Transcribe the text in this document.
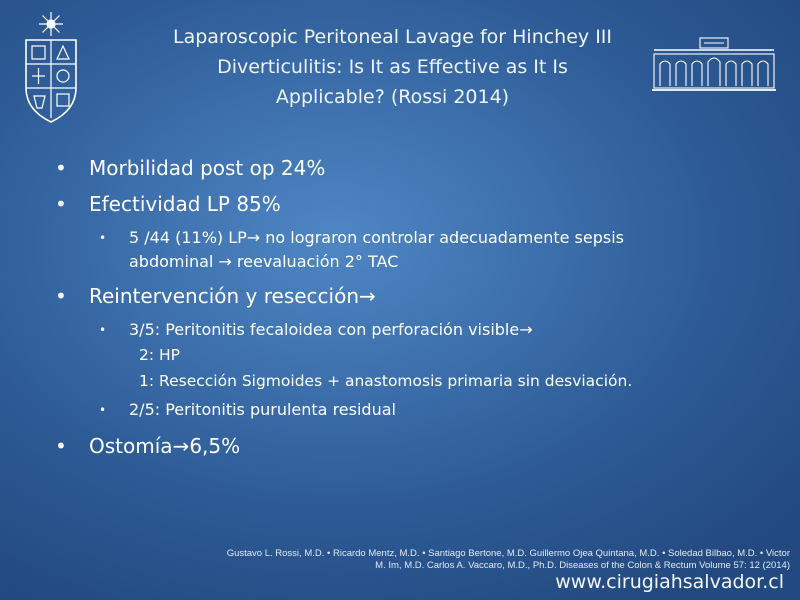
Laparoscopic Peritoneal Lavage for Hinchey III
Diverticulitis: Is It as Effective as It Is
Applicable? (Rossi 2014)
•	Morbilidad post op 24%
•	Efectividad LP 85%
• 5 /44 (11%) LP→ no lograron controlar adecuadamente sepsis
abdominal → reevaluación 2° TAC
•	Reintervención y resección→
• 3/5: Peritonitis fecaloidea con perforación visible→
2: HP
1: Resección Sigmoides + anastomosis primaria sin desviación.
• 2/5: Peritonitis purulenta residual
•	Ostomía→6,5%
Gustavo L. Rossi, M.D. • Ricardo Mentz, M.D. • Santiago Bertone, M.D. Guillermo Ojea Quintana, M.D. • Soledad Bilbao, M.D. • Victor
M. Im, M.D. Carlos A. Vaccaro, M.D., Ph.D. Diseases of the Colon & Rectum Volume 57: 12 (2014)
www.cirugiahsalvador.cl
